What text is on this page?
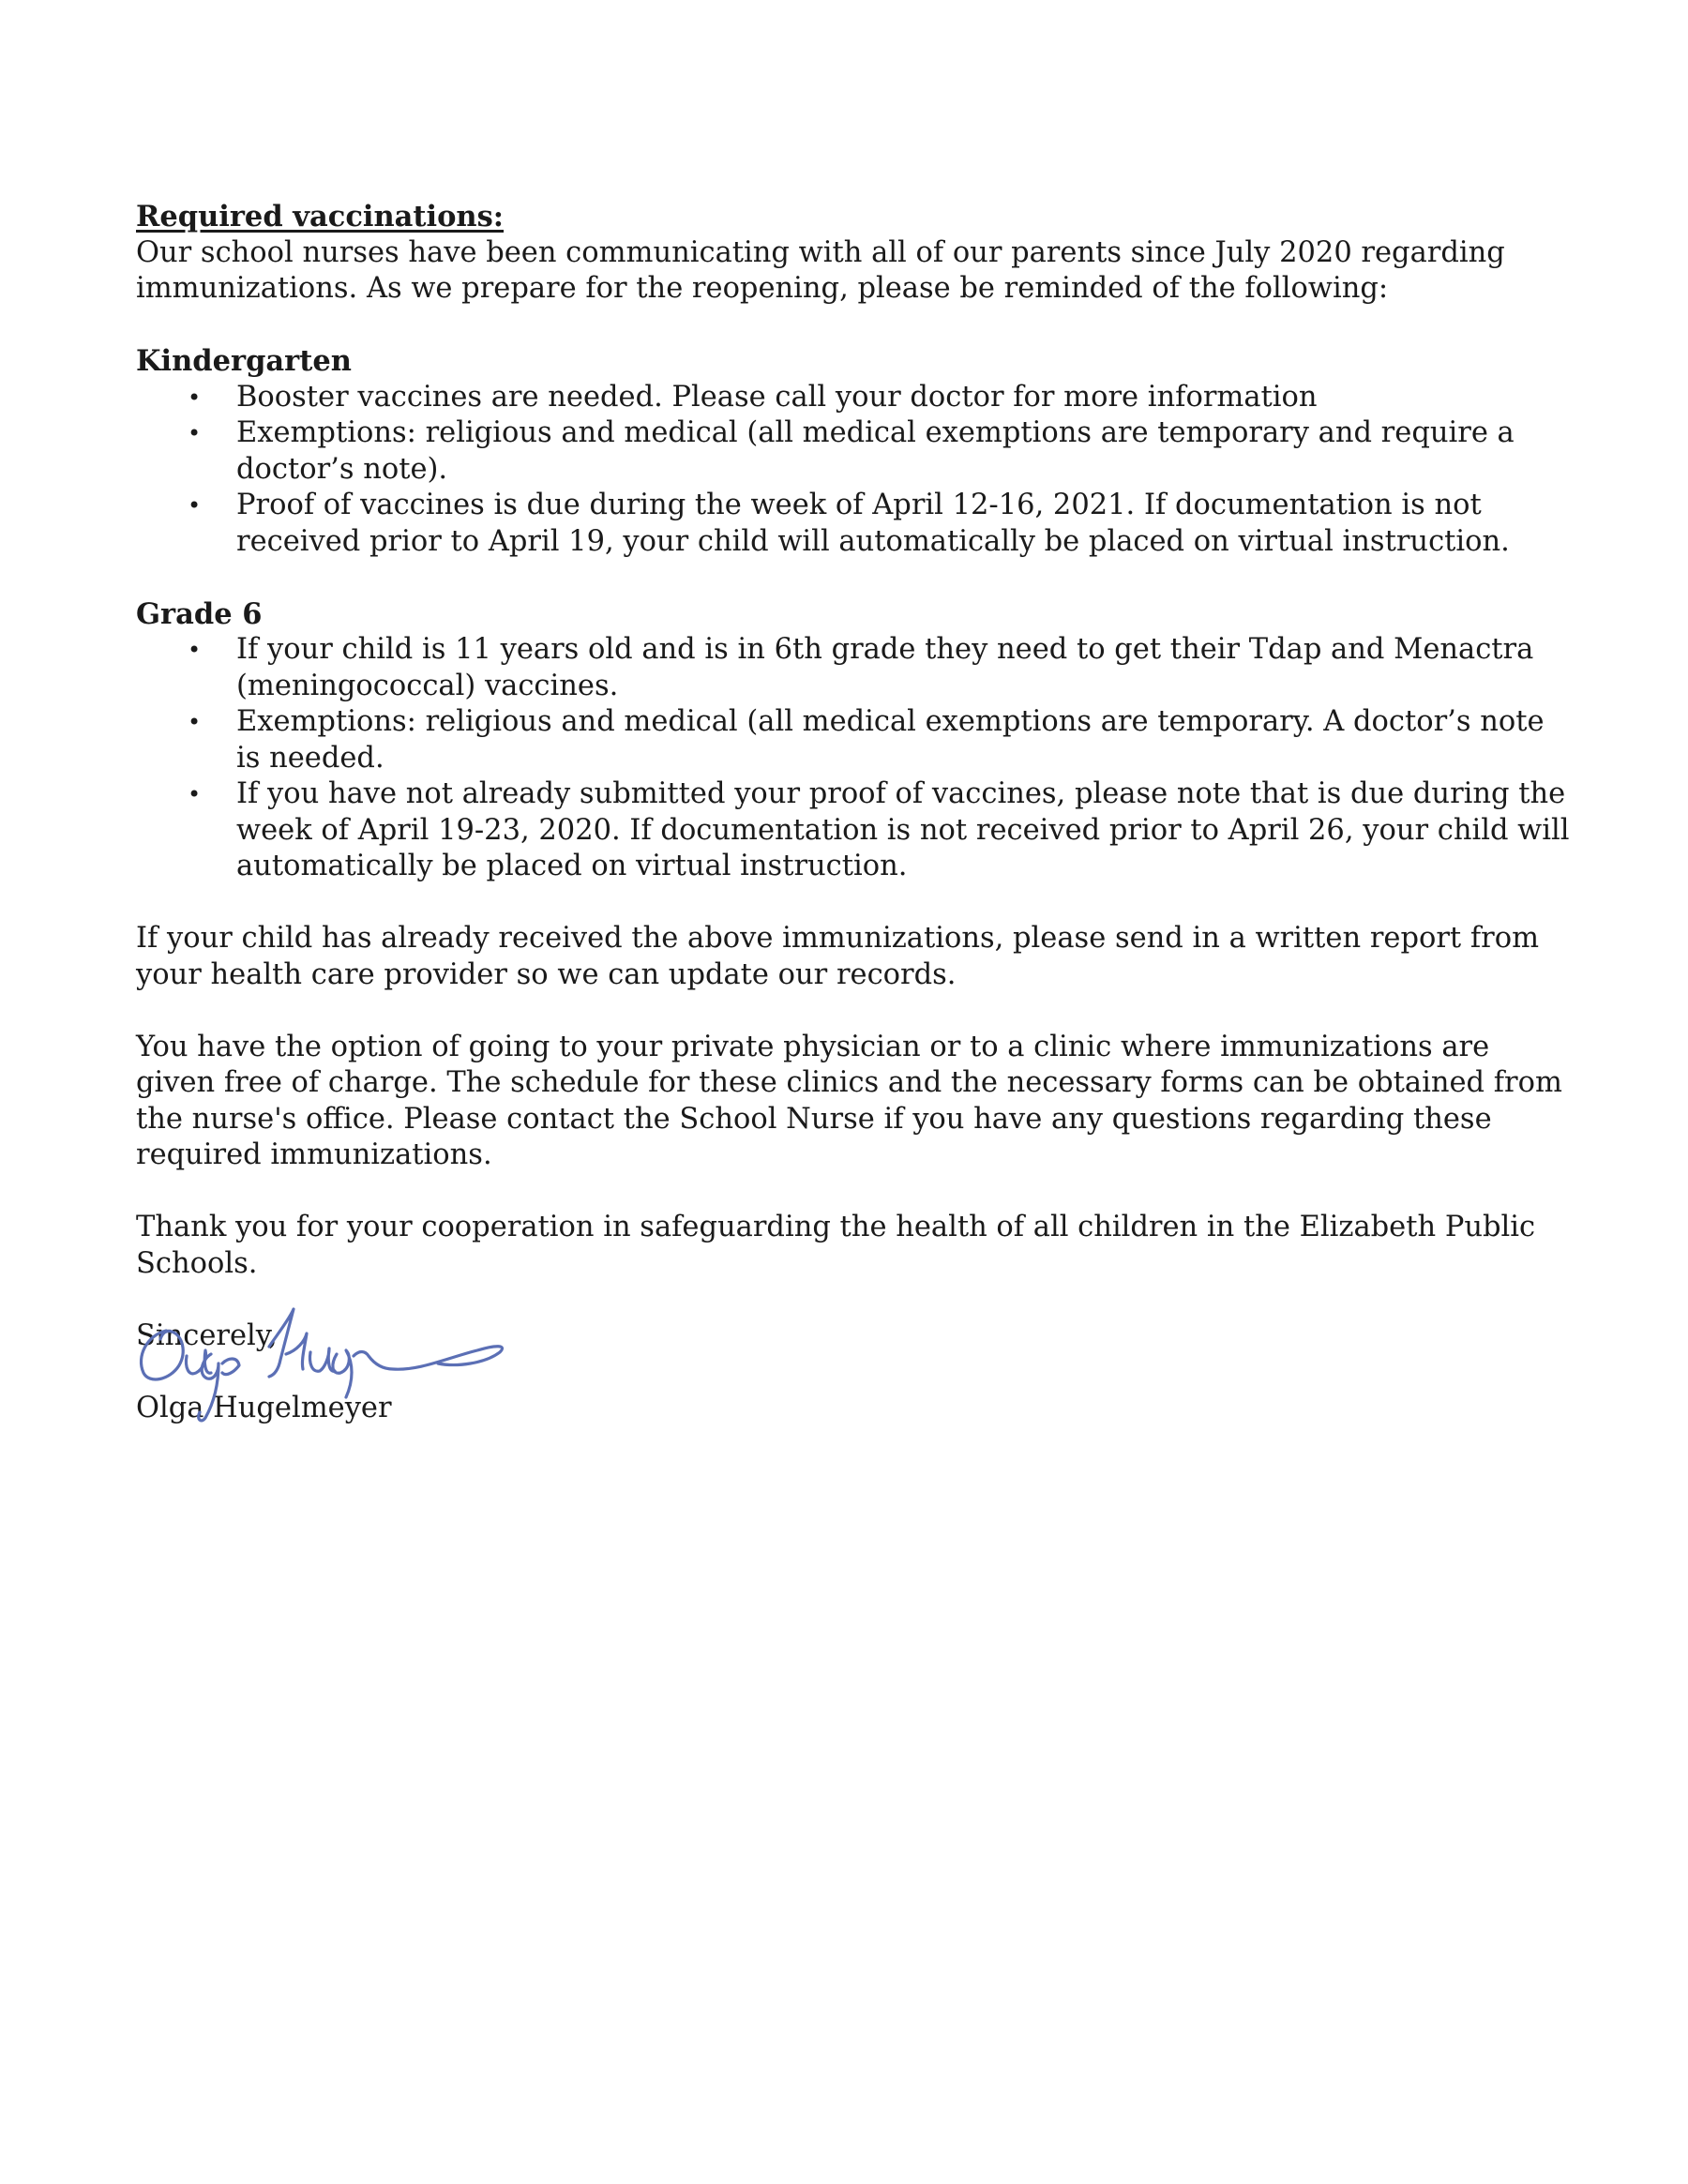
Required vaccinations:

Our school nurses have been communicating with all of our parents since July 2020 regarding immunizations. As we prepare for the reopening, please be reminded of the following:

Kindergarten

• Booster vaccines are needed. Please call your doctor for more information
• Exemptions: religious and medical (all medical exemptions are temporary and require a doctor’s note).
• Proof of vaccines is due during the week of April 12-16, 2021. If documentation is not received prior to April 19, your child will automatically be placed on virtual instruction.

Grade 6

• If your child is 11 years old and is in 6th grade they need to get their Tdap and Menactra (meningococcal) vaccines.
• Exemptions: religious and medical (all medical exemptions are temporary. A doctor’s note is needed.
• If you have not already submitted your proof of vaccines, please note that is due during the week of April 19-23, 2020. If documentation is not received prior to April 26, your child will automatically be placed on virtual instruction.

If your child has already received the above immunizations, please send in a written report from your health care provider so we can update our records.

You have the option of going to your private physician or to a clinic where immunizations are given free of charge. The schedule for these clinics and the necessary forms can be obtained from the nurse's office. Please contact the School Nurse if you have any questions regarding these required immunizations.

Thank you for your cooperation in safeguarding the health of all children in the Elizabeth Public Schools.

Sincerely,

Olga Hugelmeyer
